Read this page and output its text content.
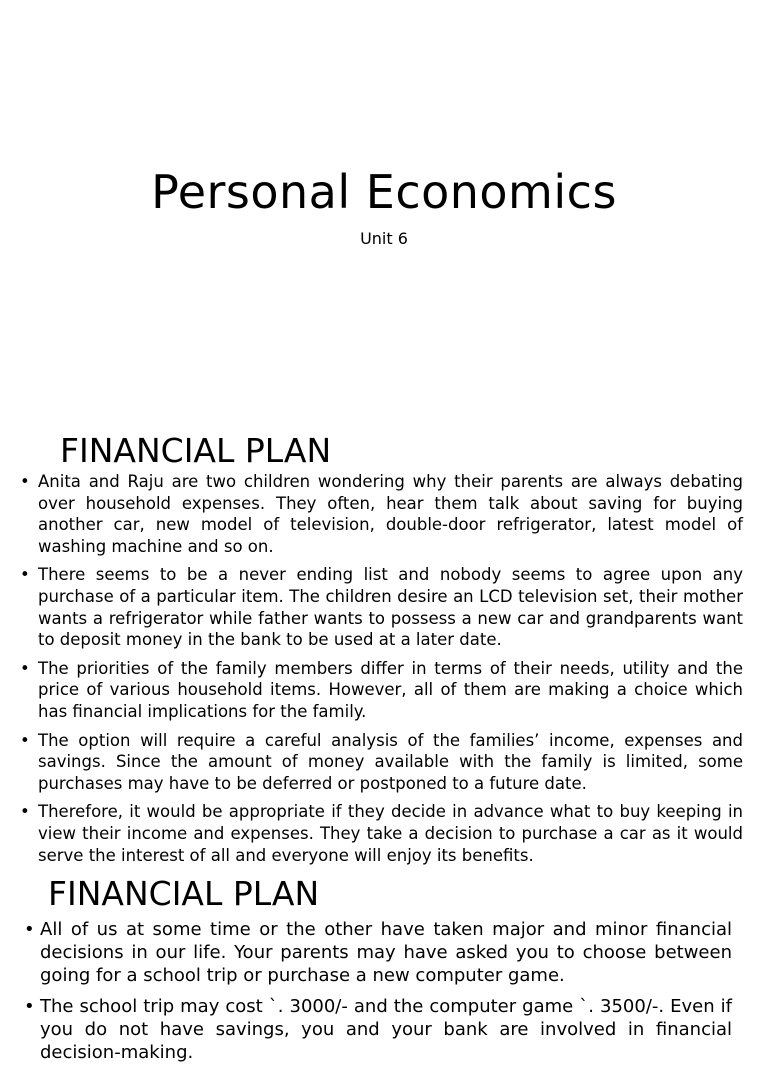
Personal Economics
Unit 6
FINANCIAL PLAN
• Anita and Raju are two children wondering why their parents are always debating over household expenses. They often, hear them talk about saving for buying another car, new model of television, double-door refrigerator, latest model of washing machine and so on.
• There seems to be a never ending list and nobody seems to agree upon any purchase of a particular item. The children desire an LCD television set, their mother wants a refrigerator while father wants to possess a new car and grandparents want to deposit money in the bank to be used at a later date.
• The priorities of the family members differ in terms of their needs, utility and the price of various household items. However, all of them are making a choice which has financial implications for the family.
• The option will require a careful analysis of the families’ income, expenses and savings. Since the amount of money available with the family is limited, some purchases may have to be deferred or postponed to a future date.
• Therefore, it would be appropriate if they decide in advance what to buy keeping in view their income and expenses. They take a decision to purchase a car as it would serve the interest of all and everyone will enjoy its benefits.
FINANCIAL PLAN
• All of us at some time or the other have taken major and minor financial decisions in our life. Your parents may have asked you to choose between going for a school trip or purchase a new computer game.
• The school trip may cost `. 3000/- and the computer game `. 3500/-. Even if you do not have savings, you and your bank are involved in financial decision-making.
